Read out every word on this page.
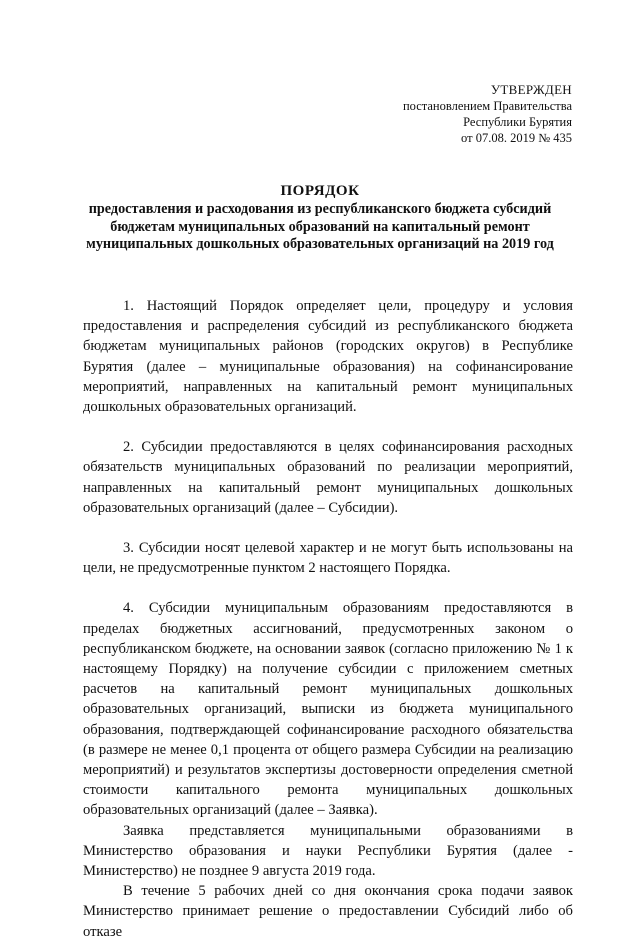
УТВЕРЖДЕН
постановлением Правительства
Республики Бурятия
от 07.08. 2019 № 435
ПОРЯДОК
предоставления и расходования из республиканского бюджета субсидий бюджетам муниципальных образований на капитальный ремонт муниципальных дошкольных образовательных организаций на 2019 год

1. Настоящий Порядок определяет цели, процедуру и условия предоставления и распределения субсидий из республиканского бюджета бюджетам муниципальных районов (городских округов) в Республике Бурятия (далее – муниципальные образования) на софинансирование мероприятий, направленных на капитальный ремонт муниципальных дошкольных образовательных организаций.

2. Субсидии предоставляются в целях софинансирования расходных обязательств муниципальных образований по реализации мероприятий, направленных на капитальный ремонт муниципальных дошкольных образовательных организаций (далее – Субсидии).

3. Субсидии носят целевой характер и не могут быть использованы на цели, не предусмотренные пунктом 2 настоящего Порядка.

4. Субсидии муниципальным образованиям предоставляются в пределах бюджетных ассигнований, предусмотренных законом о республиканском бюджете, на основании заявок (согласно приложению № 1 к настоящему Порядку) на получение субсидии с приложением сметных расчетов на капитальный ремонт муниципальных дошкольных образовательных организаций, выписки из бюджета муниципального образования, подтверждающей софинансирование расходного обязательства (в размере не менее 0,1 процента от общего размера Субсидии на реализацию мероприятий) и результатов экспертизы достоверности определения сметной стоимости капитального ремонта муниципальных дошкольных образовательных организаций (далее – Заявка).

Заявка представляется муниципальными образованиями в Министерство образования и науки Республики Бурятия (далее - Министерство) не позднее 9 августа 2019 года.

В течение 5 рабочих дней со дня окончания срока подачи заявок Министерство принимает решение о предоставлении Субсидий либо об отказе
